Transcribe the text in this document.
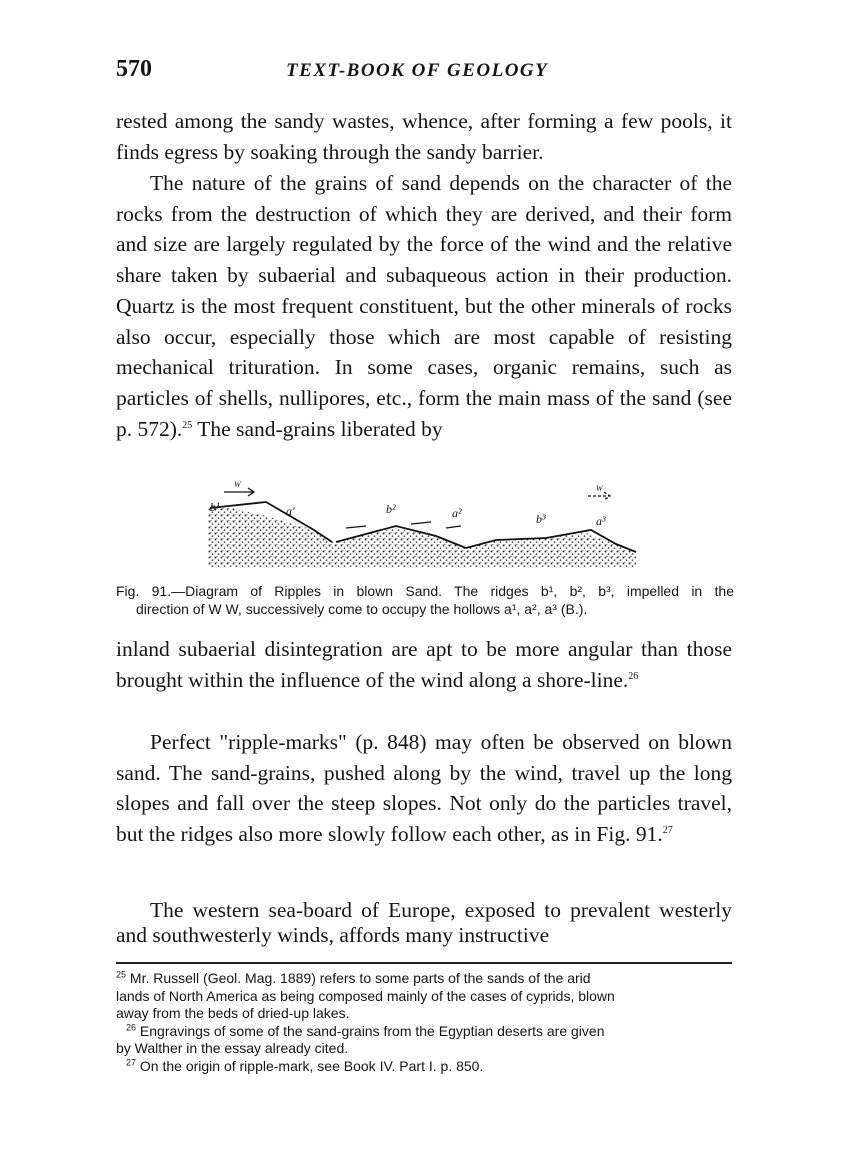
570	TEXT-BOOK OF GEOLOGY

rested among the sandy wastes, whence, after forming a few pools, it finds egress by soaking through the sandy barrier.

The nature of the grains of sand depends on the character of the rocks from the destruction of which they are derived, and their form and size are largely regulated by the force of the wind and the relative share taken by subaerial and subaqueous action in their production. Quartz is the most frequent constituent, but the other minerals of rocks also occur, especially those which are most capable of resisting mechanical trituration. In some cases, organic remains, such as particles of shells, nullipores, etc., form the main mass of the sand (see p. 572).$^{25}$ The sand-grains liberated by

b¹	a'	b²	a²	b³	a³
W	W
Fig. 91.—Diagram of Ripples in blown Sand. The ridges b¹, b², b³, impelled in the
direction of W W, successively come to occupy the hollows a¹, a², a³ (B.).

inland subaerial disintegration are apt to be more angular than those brought within the influence of the wind along a shore-line.$^{26}$

Perfect "ripple-marks" (p. 848) may often be observed on blown sand. The sand-grains, pushed along by the wind, travel up the long slopes and fall over the steep slopes. Not only do the particles travel, but the ridges also more slowly follow each other, as in Fig. 91.27

The western sea-board of Europe, exposed to prevalent westerly and southwesterly winds, affords many instructive

$^{25}$ Mr. Russell (Geol. Mag. 1889) refers to some parts of the sands of the arid
lands of North America as being composed mainly of the cases of cyprids, blown
away from the beds of dried-up lakes.
$^{26}$ Engravings of some of the sand-grains from the Egyptian deserts are given
by Walther in the essay already cited.
$^{27}$ On the origin of ripple-mark, see Book IV. Part I. p. 850.
